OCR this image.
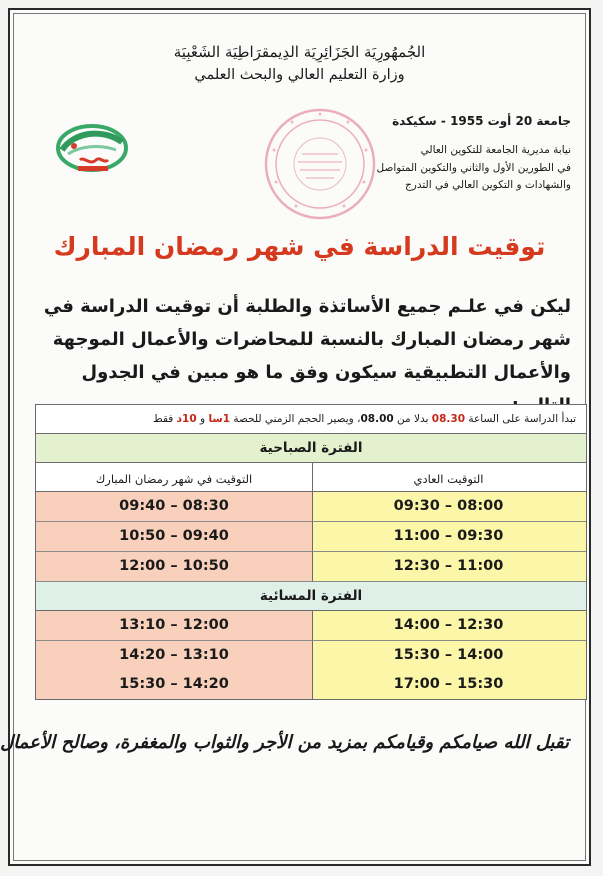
الجُمهُورِيَة الجَزَائِرِيَة الدِيمقرَاطِيَة الشَعْبِيَة
وزارة التعليم العالي والبحث العلمي
جامعة 20 أوت 1955 - سكيكدة
نيابة مديرية الجامعة للتكوين العالي
في الطورين الأول والثاني والتكوين المتواصل
والشهادات و التكوين العالي في التدرج
توقيت الدراسة في شهر رمضان المبارك
ليكن في علـم جميع الأساتذة والطلبة أن توقيت الدراسة في شهر رمضان المبارك بالنسبة للمحاضرات والأعمال الموجهة والأعمال التطبيقية سيكون وفق ما هو مبين في الجدول
تبدأ الدراسة على الساعة 08.30 بدلا من 08.00، ويصير الحجم الزمني للحصة 1سا و 10د فقط
الفترة الصباحية
التوقيت العادي
التوقيت في شهر رمضان المبارك
09:30 – 08:00
09:40 – 08:30
11:00 – 09:30
10:50 – 09:40
12:30 – 11:00
12:00 – 10:50
الفترة المسائية
14:00 – 12:30
13:10 – 12:00
15:30 – 14:00
14:20 – 13:10
17:00 – 15:30
15:30 – 14:20
تقبل الله صيامكم وقيامكم بمزيد من الأجر والثواب والمغفرة، وصالح الأعمال
